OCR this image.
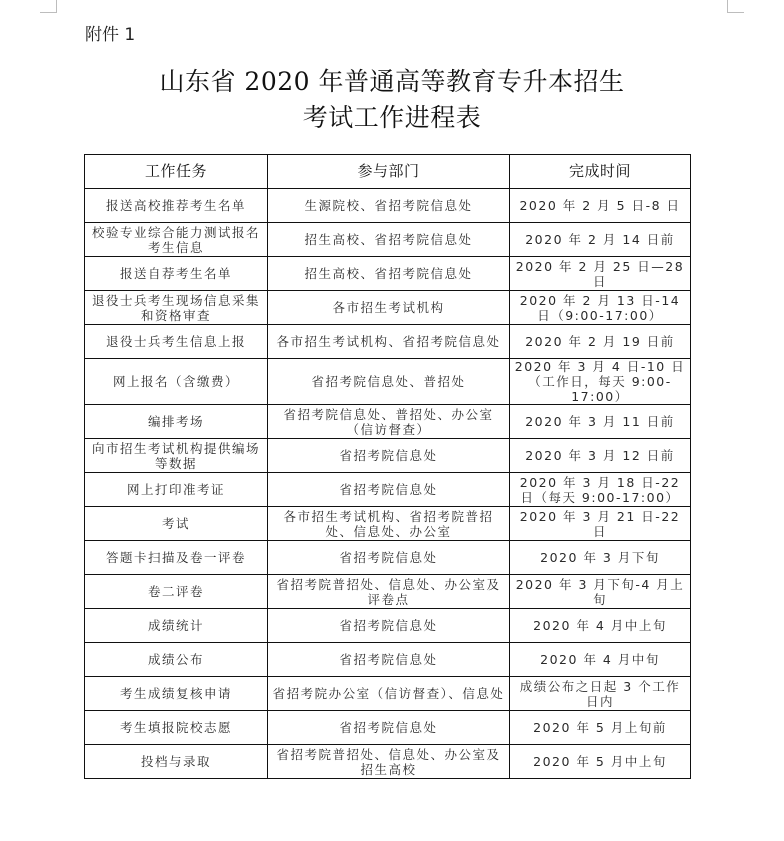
附件 1
山东省 2020 年普通高等教育专升本招生
考试工作进程表
工作任务	参与部门	完成时间
报送高校推荐考生名单	生源院校、省招考院信息处	2020 年 2 月 5 日-8 日
校验专业综合能力测试报名考生信息	招生高校、省招考院信息处	2020 年 2 月 14 日前
报送自荐考生名单	招生高校、省招考院信息处	2020 年 2 月 25 日—28 日
退役士兵考生现场信息采集和资格审查	各市招生考试机构	2020 年 2 月 13 日-14 日（9:00-17:00）
退役士兵考生信息上报	各市招生考试机构、省招考院信息处	2020 年 2 月 19 日前
网上报名（含缴费）	省招考院信息处、普招处	2020 年 3 月 4 日-10 日（工作日，每天 9:00-17:00）
编排考场	省招考院信息处、普招处、办公室（信访督查）	2020 年 3 月 11 日前
向市招生考试机构提供编场等数据	省招考院信息处	2020 年 3 月 12 日前
网上打印准考证	省招考院信息处	2020 年 3 月 18 日-22 日（每天 9:00-17:00）
考试	各市招生考试机构、省招考院普招处、信息处、办公室	2020 年 3 月 21 日-22 日
答题卡扫描及卷一评卷	省招考院信息处	2020 年 3 月下旬
卷二评卷	省招考院普招处、信息处、办公室及评卷点	2020 年 3 月下旬-4 月上旬
成绩统计	省招考院信息处	2020 年 4 月中上旬
成绩公布	省招考院信息处	2020 年 4 月中旬
考生成绩复核申请	省招考院办公室（信访督查）、信息处	成绩公布之日起 3 个工作日内
考生填报院校志愿	省招考院信息处	2020 年 5 月上旬前
投档与录取	省招考院普招处、信息处、办公室及招生高校	2020 年 5 月中上旬
